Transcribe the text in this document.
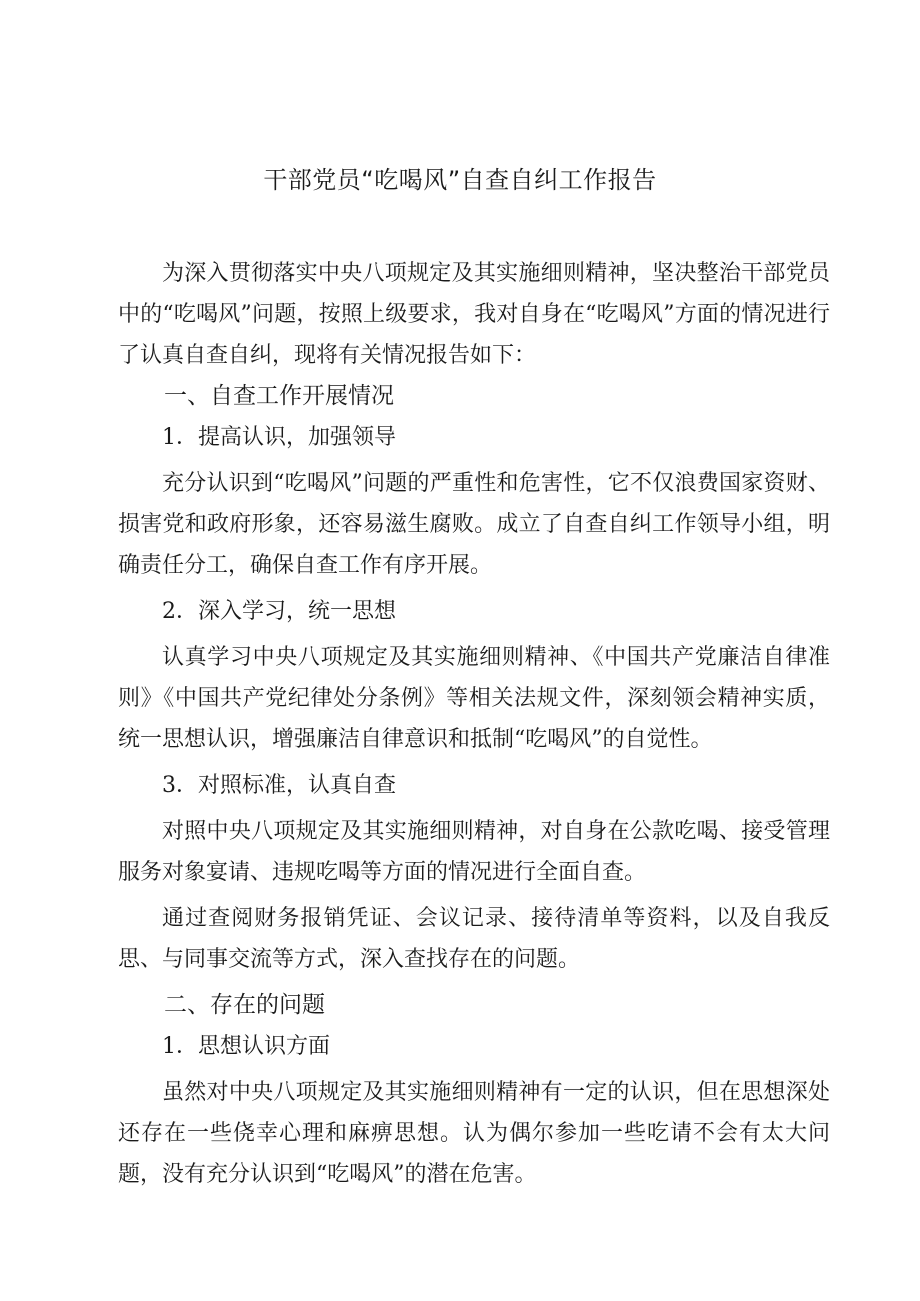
干部党员“吃喝风”自查自纠工作报告

为深入贯彻落实中央八项规定及其实施细则精神，坚决整治干部党员中的“吃喝风”问题，按照上级要求，我对自身在“吃喝风”方面的情况进行了认真自查自纠，现将有关情况报告如下：

一、自查工作开展情况

1．提高认识，加强领导

充分认识到“吃喝风”问题的严重性和危害性，它不仅浪费国家资财、损害党和政府形象，还容易滋生腐败。成立了自查自纠工作领导小组，明确责任分工，确保自查工作有序开展。

2．深入学习，统一思想

认真学习中央八项规定及其实施细则精神、《中国共产党廉洁自律准则》《中国共产党纪律处分条例》等相关法规文件，深刻领会精神实质，统一思想认识，增强廉洁自律意识和抵制“吃喝风”的自觉性。

3．对照标准，认真自查

对照中央八项规定及其实施细则精神，对自身在公款吃喝、接受管理服务对象宴请、违规吃喝等方面的情况进行全面自查。

通过查阅财务报销凭证、会议记录、接待清单等资料，以及自我反思、与同事交流等方式，深入查找存在的问题。

二、存在的问题

1．思想认识方面

虽然对中央八项规定及其实施细则精神有一定的认识，但在思想深处还存在一些侥幸心理和麻痹思想。认为偶尔参加一些吃请不会有太大问题，没有充分认识到“吃喝风”的潜在危害。
